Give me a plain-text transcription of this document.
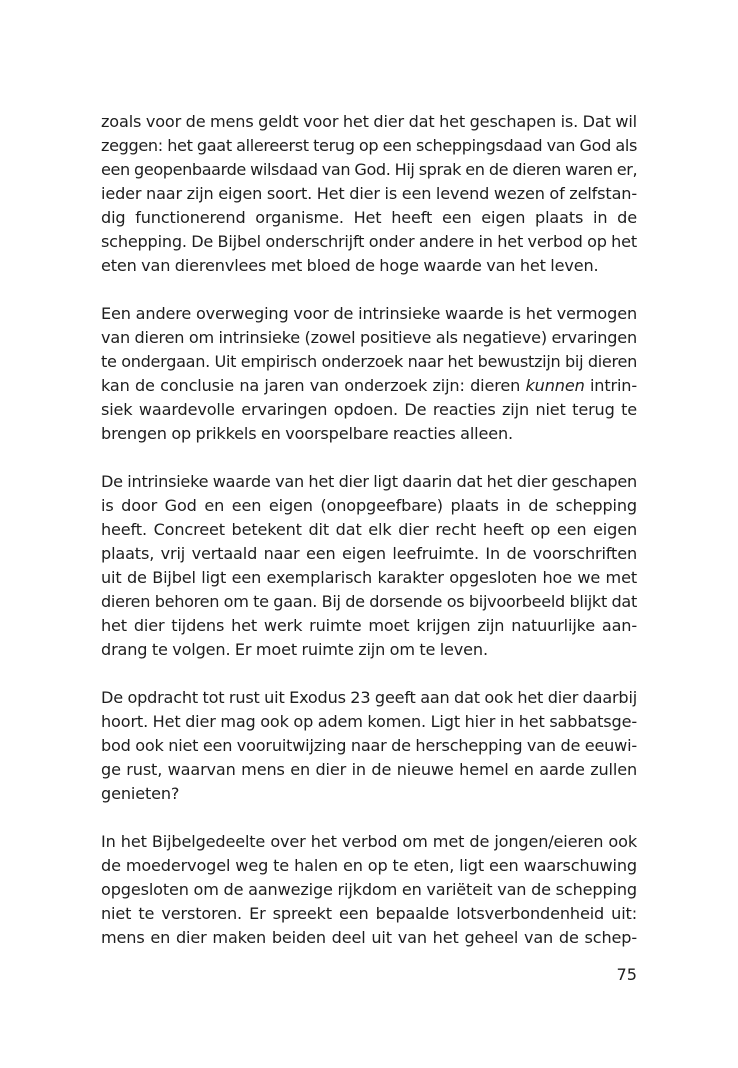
zoals voor de mens geldt voor het dier dat het geschapen is. Dat wil
zeggen: het gaat allereerst terug op een scheppingsdaad van God als
een geopenbaarde wilsdaad van God. Hij sprak en de dieren waren er,
ieder naar zijn eigen soort. Het dier is een levend wezen of zelfstan-
dig functionerend organisme. Het heeft een eigen plaats in de
schepping. De Bijbel onderschrijft onder andere in het verbod op het
eten van dierenvlees met bloed de hoge waarde van het leven.

Een andere overweging voor de intrinsieke waarde is het vermogen
van dieren om intrinsieke (zowel positieve als negatieve) ervaringen
te ondergaan. Uit empirisch onderzoek naar het bewustzijn bij dieren
kan de conclusie na jaren van onderzoek zijn: dieren kunnen intrin-
siek waardevolle ervaringen opdoen. De reacties zijn niet terug te
brengen op prikkels en voorspelbare reacties alleen.

De intrinsieke waarde van het dier ligt daarin dat het dier geschapen
is door God en een eigen (onopgeefbare) plaats in de schepping
heeft. Concreet betekent dit dat elk dier recht heeft op een eigen
plaats, vrij vertaald naar een eigen leefruimte. In de voorschriften
uit de Bijbel ligt een exemplarisch karakter opgesloten hoe we met
dieren behoren om te gaan. Bij de dorsende os bijvoorbeeld blijkt dat
het dier tijdens het werk ruimte moet krijgen zijn natuurlijke aan-
drang te volgen. Er moet ruimte zijn om te leven.

De opdracht tot rust uit Exodus 23 geeft aan dat ook het dier daarbij
hoort. Het dier mag ook op adem komen. Ligt hier in het sabbatsge-
bod ook niet een vooruitwijzing naar de herschepping van de eeuwi-
ge rust, waarvan mens en dier in de nieuwe hemel en aarde zullen
genieten?

In het Bijbelgedeelte over het verbod om met de jongen/eieren ook
de moedervogel weg te halen en op te eten, ligt een waarschuwing
opgesloten om de aanwezige rijkdom en variëteit van de schepping
niet te verstoren. Er spreekt een bepaalde lotsverbondenheid uit:
mens en dier maken beiden deel uit van het geheel van de schep-

75
